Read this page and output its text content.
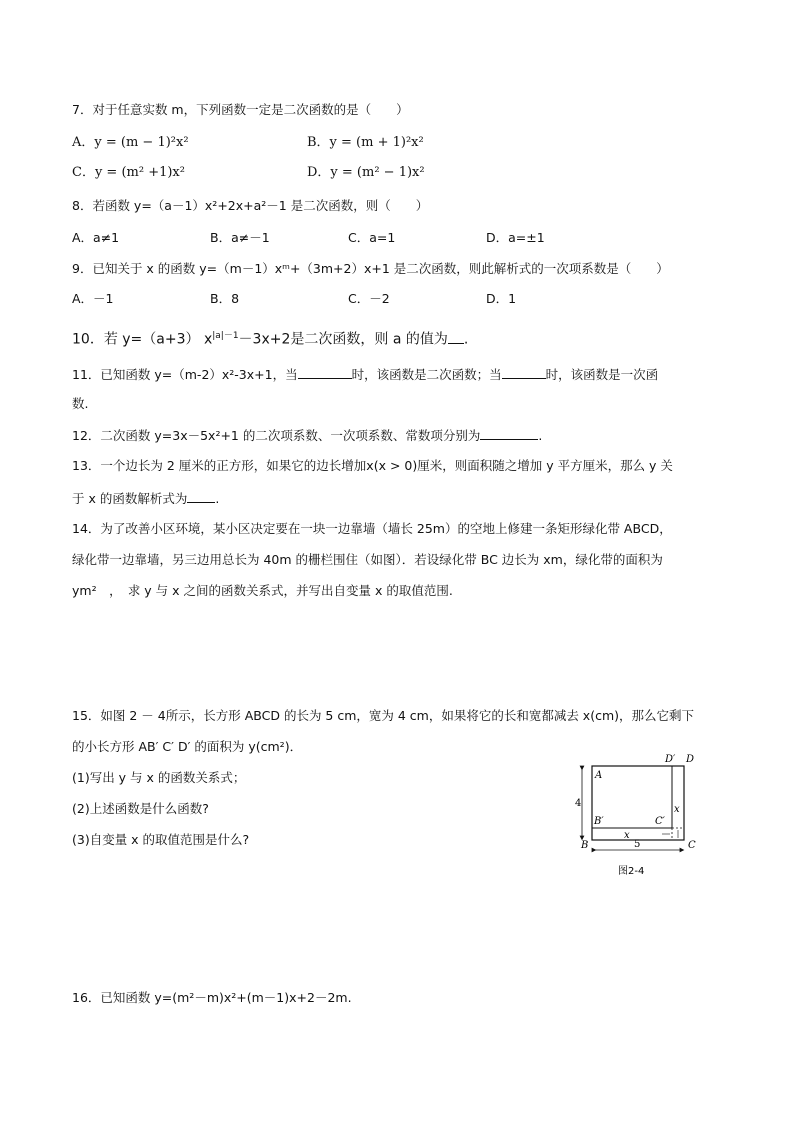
7．对于任意实数 m，下列函数一定是二次函数的是（　　）
A．y = (m − 1)²x²	B．y = (m + 1)²x²
C．y = (m² +1)x²	D．y = (m² − 1)x²
8．若函数 y=（a－1）x²+2x+a²－1 是二次函数，则（　　）
A．a≠1	B．a≠－1	C．a=1	D．a=±1
9．已知关于 x 的函数 y=（m－1）xᵐ+（3m+2）x+1 是二次函数，则此解析式的一次项系数是（　　）
A．－1	B．8	C．－2	D．1
10．若 y=（a+3） $x^{|a|-1}-3x+2$是二次函数，则 a 的值为 .
11．已知函数 y=（m-2）x²-3x+1，当	时，该函数是二次函数；当	时，该函数是一次函
数.
12．二次函数 y=3x－5x²+1 的二次项系数、一次项系数、常数项分别为	.
13．一个边长为 2 厘米的正方形，如果它的边长增加x(x > 0)厘米，则面积随之增加 y 平方厘米，那么 y 关
于 x 的函数解析式为 .
14．为了改善小区环境，某小区决定要在一块一边靠墙（墙长 25m）的空地上修建一条矩形绿化带 ABCD，
绿化带一边靠墙，另三边用总长为 40m 的栅栏围住（如图）．若设绿化带 BC 边长为 xm，绿化带的面积为
ym²　，　求 y 与 x 之间的函数关系式，并写出自变量 x 的取值范围.
15．如图 2 － 4所示，长方形 ABCD 的长为 5 cm，宽为 4 cm，如果将它的长和宽都减去 x(cm)，那么它剩下
的小长方形 AB′ C′ D′ 的面积为 y(cm²)．
(1)写出 y 与 x 的函数关系式；
(2)上述函数是什么函数?
(3)自变量 x 的取值范围是什么?
A
D′ D
x
B′	C′
x
B	C
4
5
图2-4
16．已知函数 y=(m²－m)x²+(m－1)x+2－2m.
